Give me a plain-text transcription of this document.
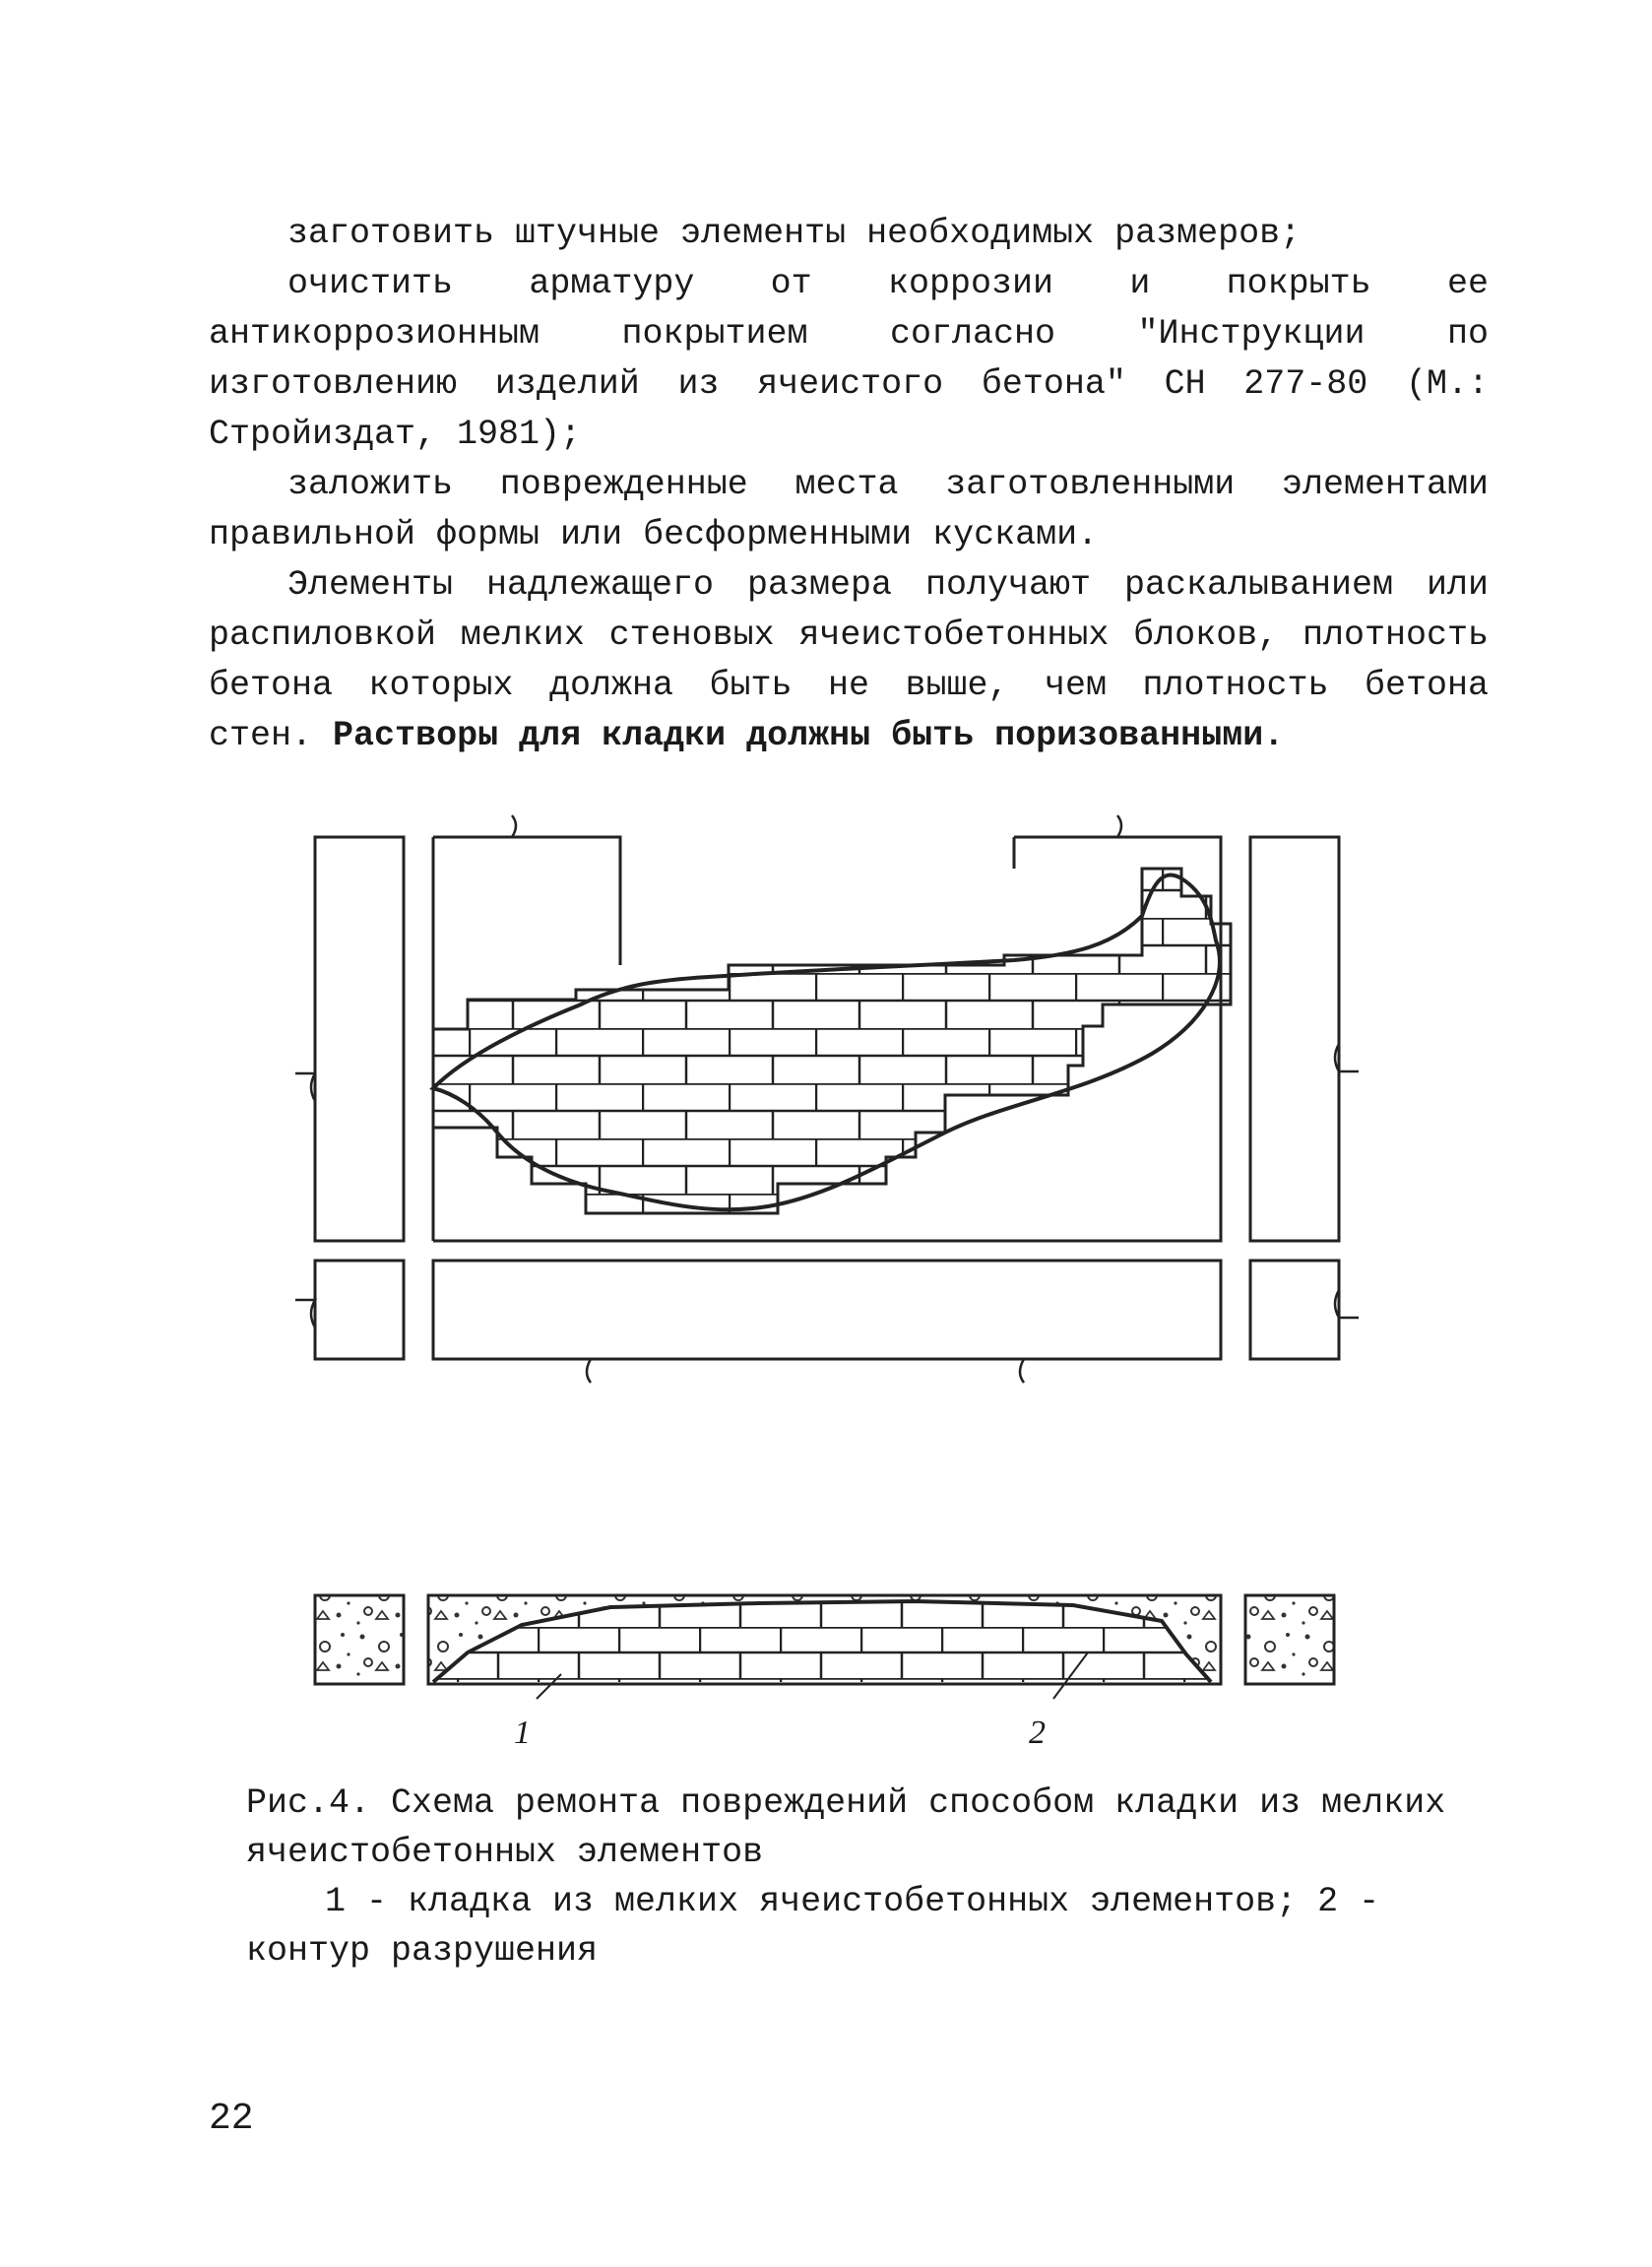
заготовить штучные элементы необходимых размеров;

очистить арматуру от коррозии и покрыть ее антикоррозионным покрытием согласно "Инструкции по изготовлению изделий из ячеистого бетона" СН 277-80 (М.: Стройиздат, 1981);

заложить поврежденные места заготовленными элементами правильной формы или бесформенными кусками.

Элементы надлежащего размера получают раскалыванием или распиловкой мелких стеновых ячеистобетонных блоков, плотность бетона которых должна быть не выше, чем плотность бетона стен. Растворы для кладки должны быть поризованными.

1	2

Рис.4. Схема ремонта повреждений способом кладки из мелких ячеистобетонных элементов

1 - кладка из мелких ячеистобетонных элементов; 2 - контур разрушения

22
